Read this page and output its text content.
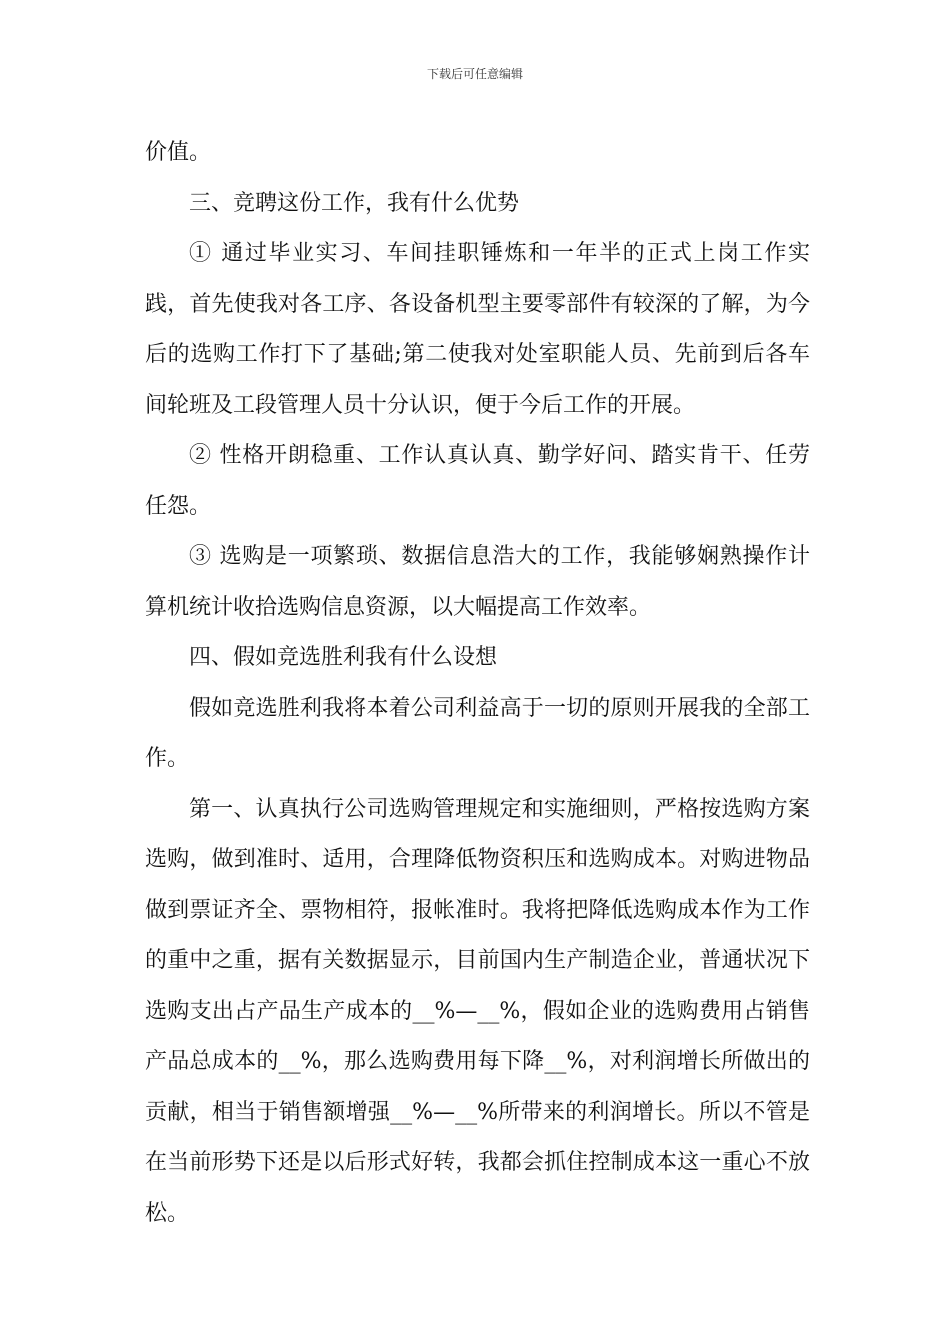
下载后可任意编辑

价值。

三、竞聘这份工作，我有什么优势

① 通过毕业实习、车间挂职锤炼和一年半的正式上岗工作实践，首先使我对各工序、各设备机型主要零部件有较深的了解，为今后的选购工作打下了基础;第二使我对处室职能人员、先前到后各车间轮班及工段管理人员十分认识，便于今后工作的开展。

② 性格开朗稳重、工作认真认真、勤学好问、踏实肯干、任劳任怨。

③ 选购是一项繁琐、数据信息浩大的工作，我能够娴熟操作计算机统计收拾选购信息资源，以大幅提高工作效率。

四、假如竞选胜利我有什么设想

假如竞选胜利我将本着公司利益高于一切的原则开展我的全部工作。

第一、认真执行公司选购管理规定和实施细则，严格按选购方案选购，做到准时、适用，合理降低物资积压和选购成本。对购进物品做到票证齐全、票物相符，报帐准时。我将把降低选购成本作为工作的重中之重，据有关数据显示，目前国内生产制造企业，普通状况下选购支出占产品生产成本的__%—__%，假如企业的选购费用占销售产品总成本的__%，那么选购费用每下降__%，对利润增长所做出的贡献，相当于销售额增强__%—__%所带来的利润增长。所以不管是在当前形势下还是以后形式好转，我都会抓住控制成本这一重心不放松。
